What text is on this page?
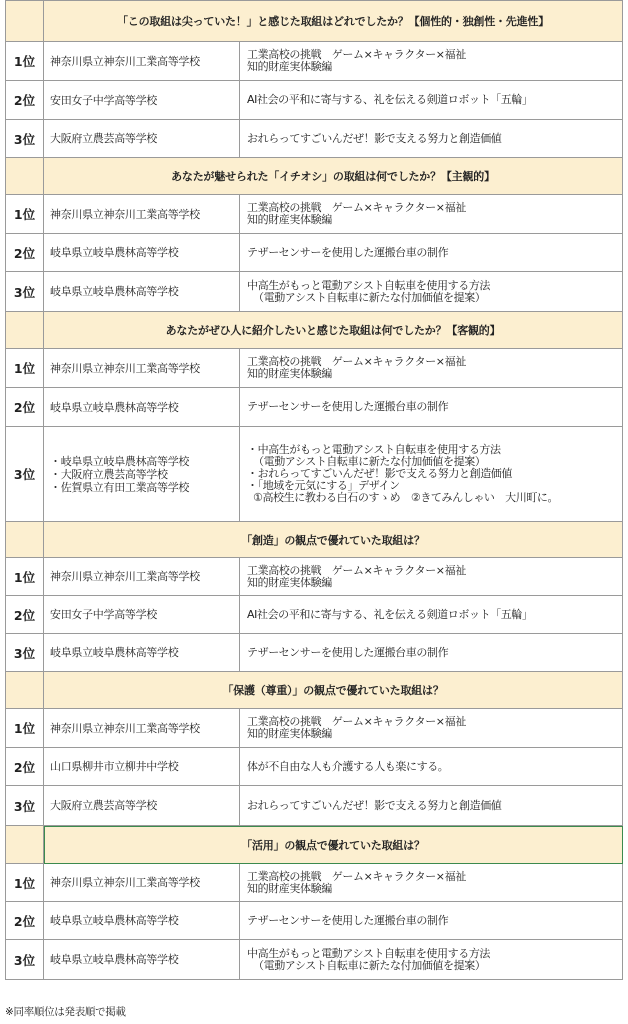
	「この取組は尖っていた！」と感じた取組はどれでしたか？【個性的・独創性・先進性】	
1位	神奈川県立神奈川工業高等学校	工業高校の挑戦　ゲーム×キャラクター×福祉
知的財産実体験編

2位	安田女子中学高等学校	AI社会の平和に寄与する、礼を伝える剣道ロボット「五輪」

3位	大阪府立農芸高等学校	おれらってすごいんだぜ！影で支える努力と創造価値

	あなたが魅せられた「イチオシ」の取組は何でしたか？【主観的】	
1位	神奈川県立神奈川工業高等学校	工業高校の挑戦　ゲーム×キャラクター×福祉
知的財産実体験編

2位	岐阜県立岐阜農林高等学校	テザーセンサーを使用した運搬台車の制作

3位	岐阜県立岐阜農林高等学校	中高生がもっと電動アシスト自転車を使用する方法
（電動アシスト自転車に新たな付加価値を提案）

	あなたがぜひ人に紹介したいと感じた取組は何でしたか？【客観的】	
1位	神奈川県立神奈川工業高等学校	工業高校の挑戦　ゲーム×キャラクター×福祉
知的財産実体験編

2位	岐阜県立岐阜農林高等学校	テザーセンサーを使用した運搬台車の制作

3位	・岐阜県立岐阜農林高等学校
・大阪府立農芸高等学校
・佐賀県立有田工業高等学校	・中高生がもっと電動アシスト自転車を使用する方法
（電動アシスト自転車に新たな付加価値を提案）
・おれらってすごいんだぜ！影で支える努力と創造価値
・「地域を元気にする」デザイン
①高校生に教わる白石のすゝめ　②きてみんしゃい　大川町に。

	「創造」の観点で優れていた取組は？	
1位	神奈川県立神奈川工業高等学校	工業高校の挑戦　ゲーム×キャラクター×福祉
知的財産実体験編

2位	安田女子中学高等学校	AI社会の平和に寄与する、礼を伝える剣道ロボット「五輪」

3位	岐阜県立岐阜農林高等学校	テザーセンサーを使用した運搬台車の制作

	「保護（尊重）」の観点で優れていた取組は？	
1位	神奈川県立神奈川工業高等学校	工業高校の挑戦　ゲーム×キャラクター×福祉
知的財産実体験編

2位	山口県柳井市立柳井中学校	体が不自由な人も介護する人も楽にする。

3位	大阪府立農芸高等学校	おれらってすごいんだぜ！影で支える努力と創造価値

	「活用」の観点で優れていた取組は？	
1位	神奈川県立神奈川工業高等学校	工業高校の挑戦　ゲーム×キャラクター×福祉
知的財産実体験編

2位	岐阜県立岐阜農林高等学校	テザーセンサーを使用した運搬台車の制作

3位	岐阜県立岐阜農林高等学校	中高生がもっと電動アシスト自転車を使用する方法
（電動アシスト自転車に新たな付加価値を提案）
※同率順位は発表順で掲載
